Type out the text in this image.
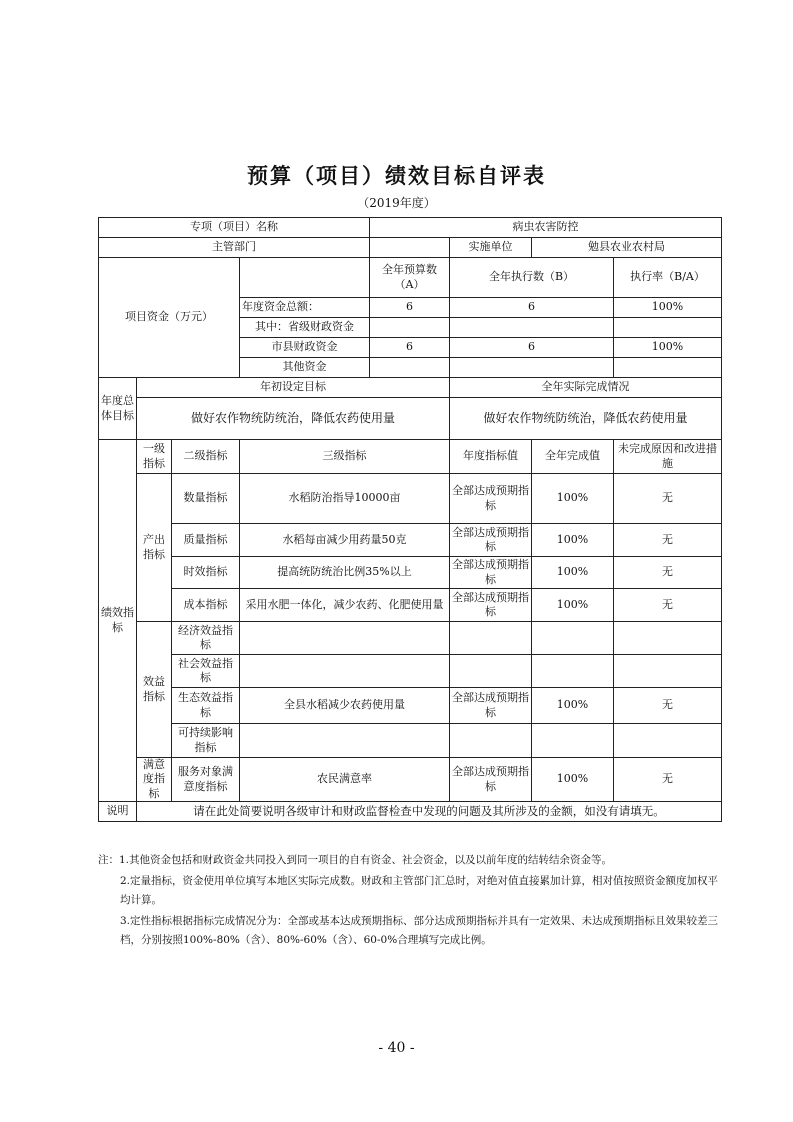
预算（项目）绩效目标自评表
（2019年度）
专项（项目）名称				病虫农害防控			
主管部门					实施单位	勉县农业农村局	
项目资金（万元）				全年预算数（A）	全年执行数（B）		执行率（B/A）
			年度资金总额：	6	6		100%
			其中：省级财政资金				
			市县财政资金	6	6		100%
			其他资金				
年度总体目标	年初设定目标				全年实际完成情况		
	做好农作物统防统治，降低农药使用量				做好农作物统防统治，降低农药使用量		
绩效指标	一级指标	二级指标	三级指标		年度指标值	全年完成值	未完成原因和改进措施
	产出指标	数量指标	水稻防治指导10000亩		全部达成预期指标	100%	无
		质量指标	水稻每亩减少用药量50克		全部达成预期指标	100%	无
		时效指标	提高统防统治比例35%以上		全部达成预期指标	100%	无
		成本指标	采用水肥一体化，减少农药、化肥使用量		全部达成预期指标	100%	无
	效益指标	经济效益指标					
		社会效益指标					
		生态效益指标	全县水稻减少农药使用量		全部达成预期指标	100%	无
		可持续影响指标					
	满意度指标	服务对象满意度指标	农民满意率		全部达成预期指标	100%	无
说明	请在此处简要说明各级审计和财政监督检查中发现的问题及其所涉及的金额，如没有请填无。						

注：1.其他资金包括和财政资金共同投入到同一项目的自有资金、社会资金，以及以前年度的结转结余资金等。

2.定量指标，资金使用单位填写本地区实际完成数。财政和主管部门汇总时，对绝对值直接累加计算，相对值按照资金额度加权平均计算。

3.定性指标根据指标完成情况分为：全部或基本达成预期指标、部分达成预期指标并具有一定效果、未达成预期指标且效果较差三档，分别按照100%-80%（含）、80%-60%（含）、60-0%合理填写完成比例。

- 40 -
